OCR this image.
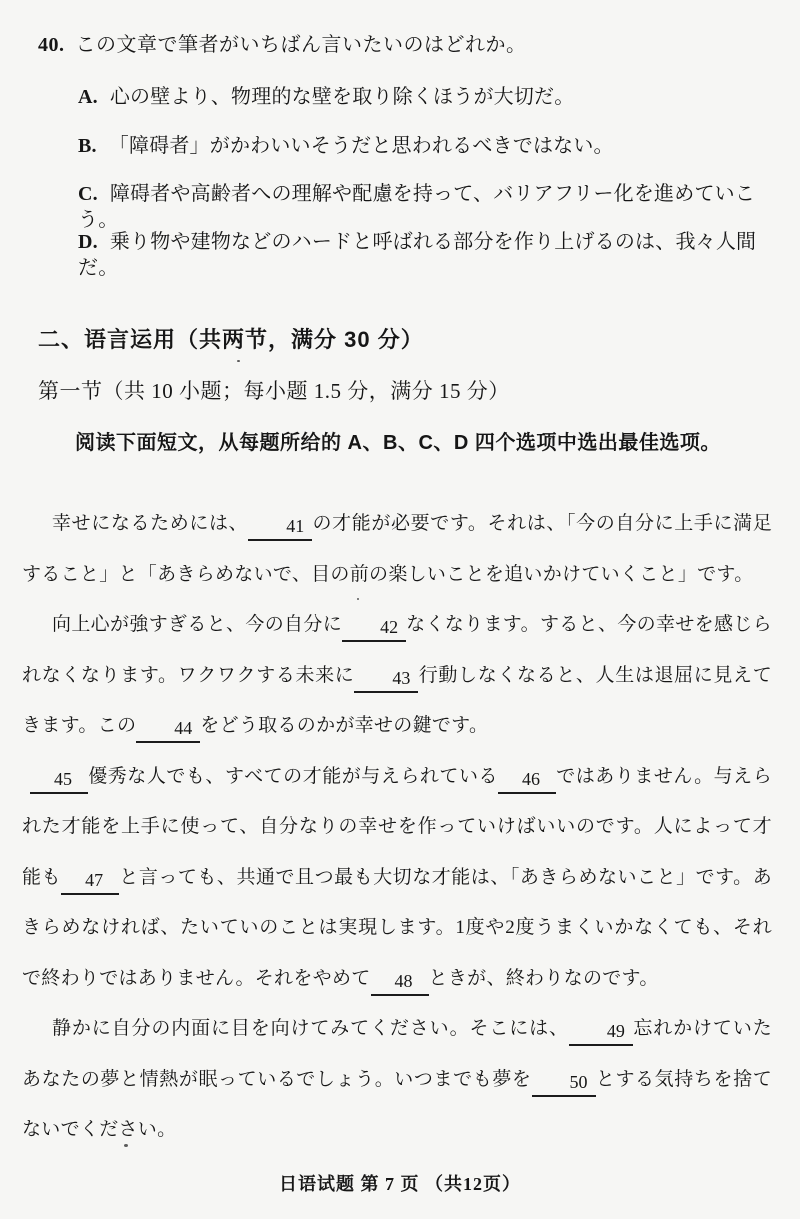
40. この文章で筆者がいちばん言いたいのはどれか。
A. 心の壁より、物理的な壁を取り除くほうが大切だ。
B. 「障碍者」がかわいいそうだと思われるべきではない。
C. 障碍者や高齢者への理解や配慮を持って、バリアフリー化を進めていこう。
D. 乗り物や建物などのハードと呼ばれる部分を作り上げるのは、我々人間だ。
二、语言运用（共两节，满分 30 分）
第一节（共 10 小题；每小题 1.5 分，满分 15 分）
阅读下面短文，从每题所给的 A、B、C、D 四个选项中选出最佳选项。

幸せになるためには、 41 の才能が必要です。それは、「今の自分に上手に満足すること」と「あきらめないで、目の前の楽しいことを追いかけていくこと」です。

向上心が強すぎると、今の自分に 42 なくなります。すると、今の幸せを感じられなくなります。ワクワクする未来に 43 行動しなくなると、人生は退屈に見えてきます。この 44 をどう取るのかが幸せの鍵です。

45 優秀な人でも、すべての才能が与えられている 46 ではありません。与えられた才能を上手に使って、自分なりの幸せを作っていけばいいのです。人によって才能も 47 と言っても、共通で且つ最も大切な才能は、「あきらめないこと」です。あきらめなければ、たいていのことは実現します。1度や2度うまくいかなくても、それで終わりではありません。それをやめて 48 ときが、終わりなのです。

静かに自分の内面に目を向けてみてください。そこには、 49 忘れかけていたあなたの夢と情熱が眠っているでしょう。いつまでも夢を 50 とする気持ちを捨てないでください。

日语试题 第 7 页 （共12页）
